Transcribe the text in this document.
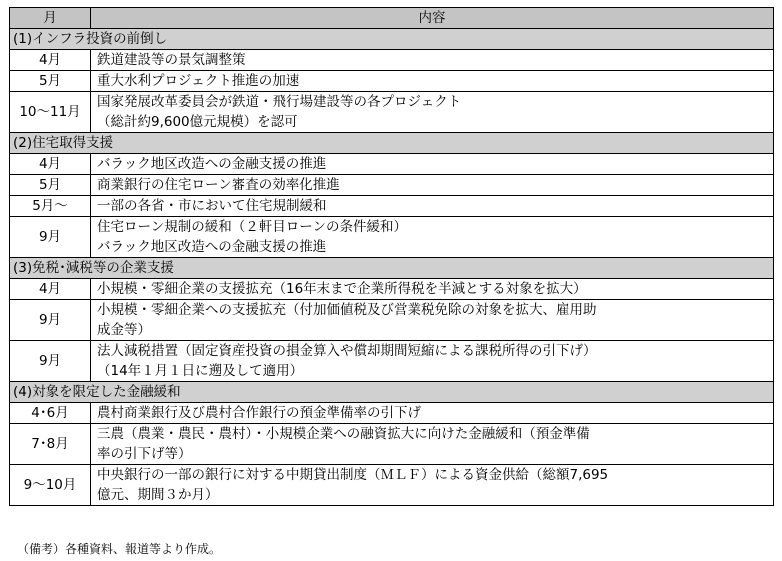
月	内容
(1)インフラ投資の前倒し	
4月	鉄道建設等の景気調整策

5月	重大水利プロジェクト推進の加速

10～11月	国家発展改革委員会が鉄道・飛行場建設等の各プロジェクト
（総計約9,600億元規模）を認可

(2)住宅取得支援	
4月	バラック地区改造への金融支援の推進

5月	商業銀行の住宅ローン審査の効率化推進

5月～	一部の各省・市において住宅規制緩和

9月	住宅ローン規制の緩和（２軒目ローンの条件緩和）
バラック地区改造への金融支援の推進

(3)免税･減税等の企業支援	
4月	小規模・零細企業の支援拡充（16年末まで企業所得税を半減とする対象を拡大）

9月	小規模・零細企業への支援拡充（付加価値税及び営業税免除の対象を拡大、雇用助
成金等）

9月	法人減税措置（固定資産投資の損金算入や償却期間短縮による課税所得の引下げ）
（14年１月１日に遡及して適用）

(4)対象を限定した金融緩和	
4･6月	農村商業銀行及び農村合作銀行の預金準備率の引下げ

7･8月	三農（農業・農民・農村）・小規模企業への融資拡大に向けた金融緩和（預金準備
率の引下げ等）

9～10月	中央銀行の一部の銀行に対する中期貸出制度（ＭＬＦ）による資金供給（総額7,695
億元、期間３か月）
（備考）各種資料、報道等より作成。
